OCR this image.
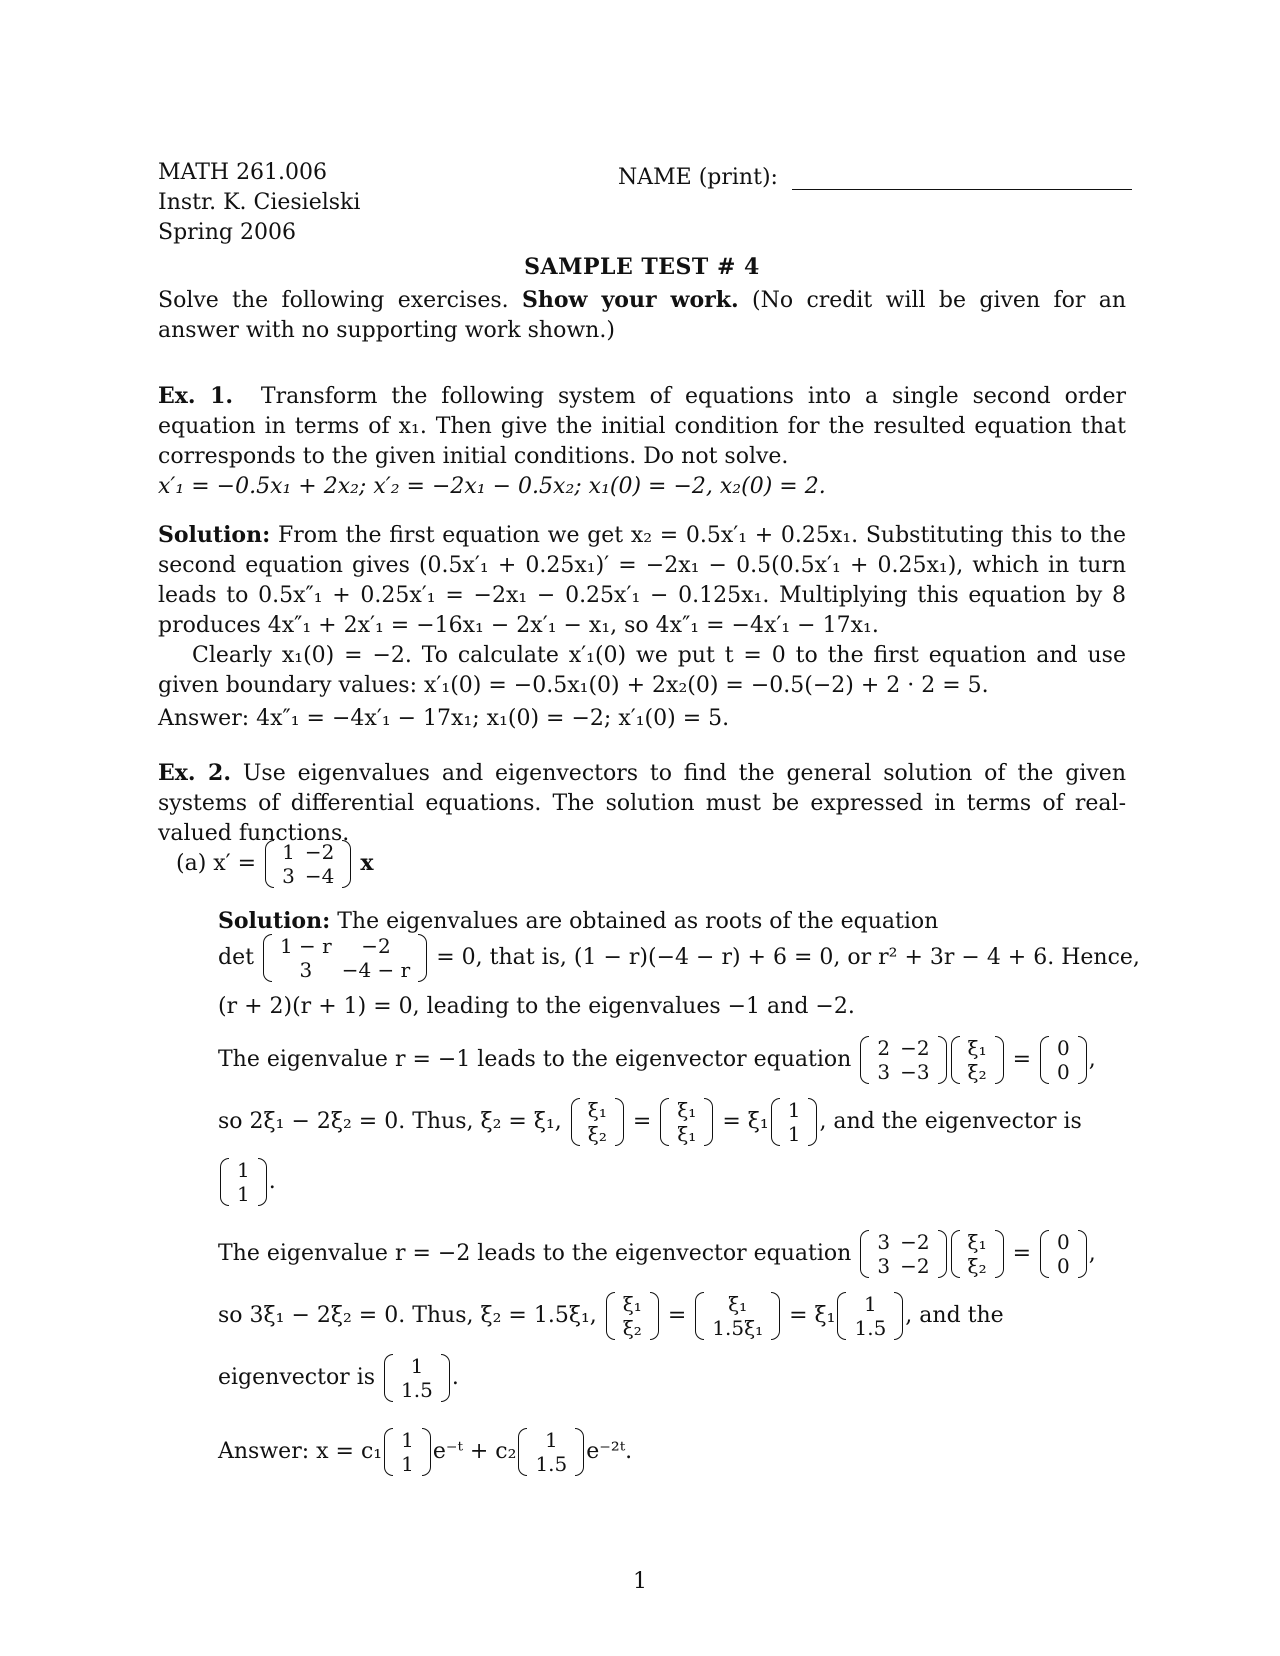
MATH 261.006
Instr. K. Ciesielski
Spring 2006
NAME (print):
SAMPLE TEST # 4
Solve the following exercises. Show your work. (No credit will be given for an answer with no supporting work shown.)
Ex. 1. Transform the following system of equations into a single second order equation in terms of x₁. Then give the initial condition for the resulted equation that corresponds to the given initial conditions. Do not solve.
x′₁ = −0.5x₁ + 2x₂; x′₂ = −2x₁ − 0.5x₂; x₁(0) = −2, x₂(0) = 2.
Solution: From the first equation we get x₂ = 0.5x′₁ + 0.25x₁. Substituting this to the second equation gives (0.5x′₁ + 0.25x₁)′ = −2x₁ − 0.5(0.5x′₁ + 0.25x₁), which in turn leads to 0.5x″₁ + 0.25x′₁ = −2x₁ − 0.25x′₁ − 0.125x₁. Multiplying this equation by 8 produces 4x″₁ + 2x′₁ = −16x₁ − 2x′₁ − x₁, so 4x″₁ = −4x′₁ − 17x₁.
Clearly x₁(0) = −2. To calculate x′₁(0) we put t = 0 to the first equation and use given boundary values: x′₁(0) = −0.5x₁(0) + 2x₂(0) = −0.5(−2) + 2 · 2 = 5.
Answer: 4x″₁ = −4x′₁ − 17x₁; x₁(0) = −2; x′₁(0) = 5.
Ex. 2. Use eigenvalues and eigenvectors to find the general solution of the given systems of differential equations. The solution must be expressed in terms of real-valued functions.
(a) x′ = 1	−2
3	−4 x
Solution: The eigenvalues are obtained as roots of the equation
det 1 − r	−2
3	−4 − r = 0, that is, (1 − r)(−4 − r) + 6 = 0, or r² + 3r − 4 + 6. Hence,
(r + 2)(r + 1) = 0, leading to the eigenvalues −1 and −2.
The eigenvalue r = −1 leads to the eigenvector equation 2	−2
3	−3
ξ₁
ξ₂ = 0
0 ,
so 2ξ₁ − 2ξ₂ = 0. Thus, ξ₂ = ξ₁, ξ₁
ξ₂ = ξ₁
ξ₁ = ξ₁ 1
1 , and the eigenvector is
1
1 .
The eigenvalue r = −2 leads to the eigenvector equation 3	−2
3	−2
ξ₁
ξ₂ = 0
0 ,
so 3ξ₁ − 2ξ₂ = 0. Thus, ξ₂ = 1.5ξ₁, ξ₁
ξ₂ = ξ₁
1.5ξ₁ = ξ₁ 1
1.5 , and the
eigenvector is 1
1.5 .
Answer: x = c₁ 1
1 e⁻ᵗ + c₂ 1
1.5 e⁻²ᵗ.
1
